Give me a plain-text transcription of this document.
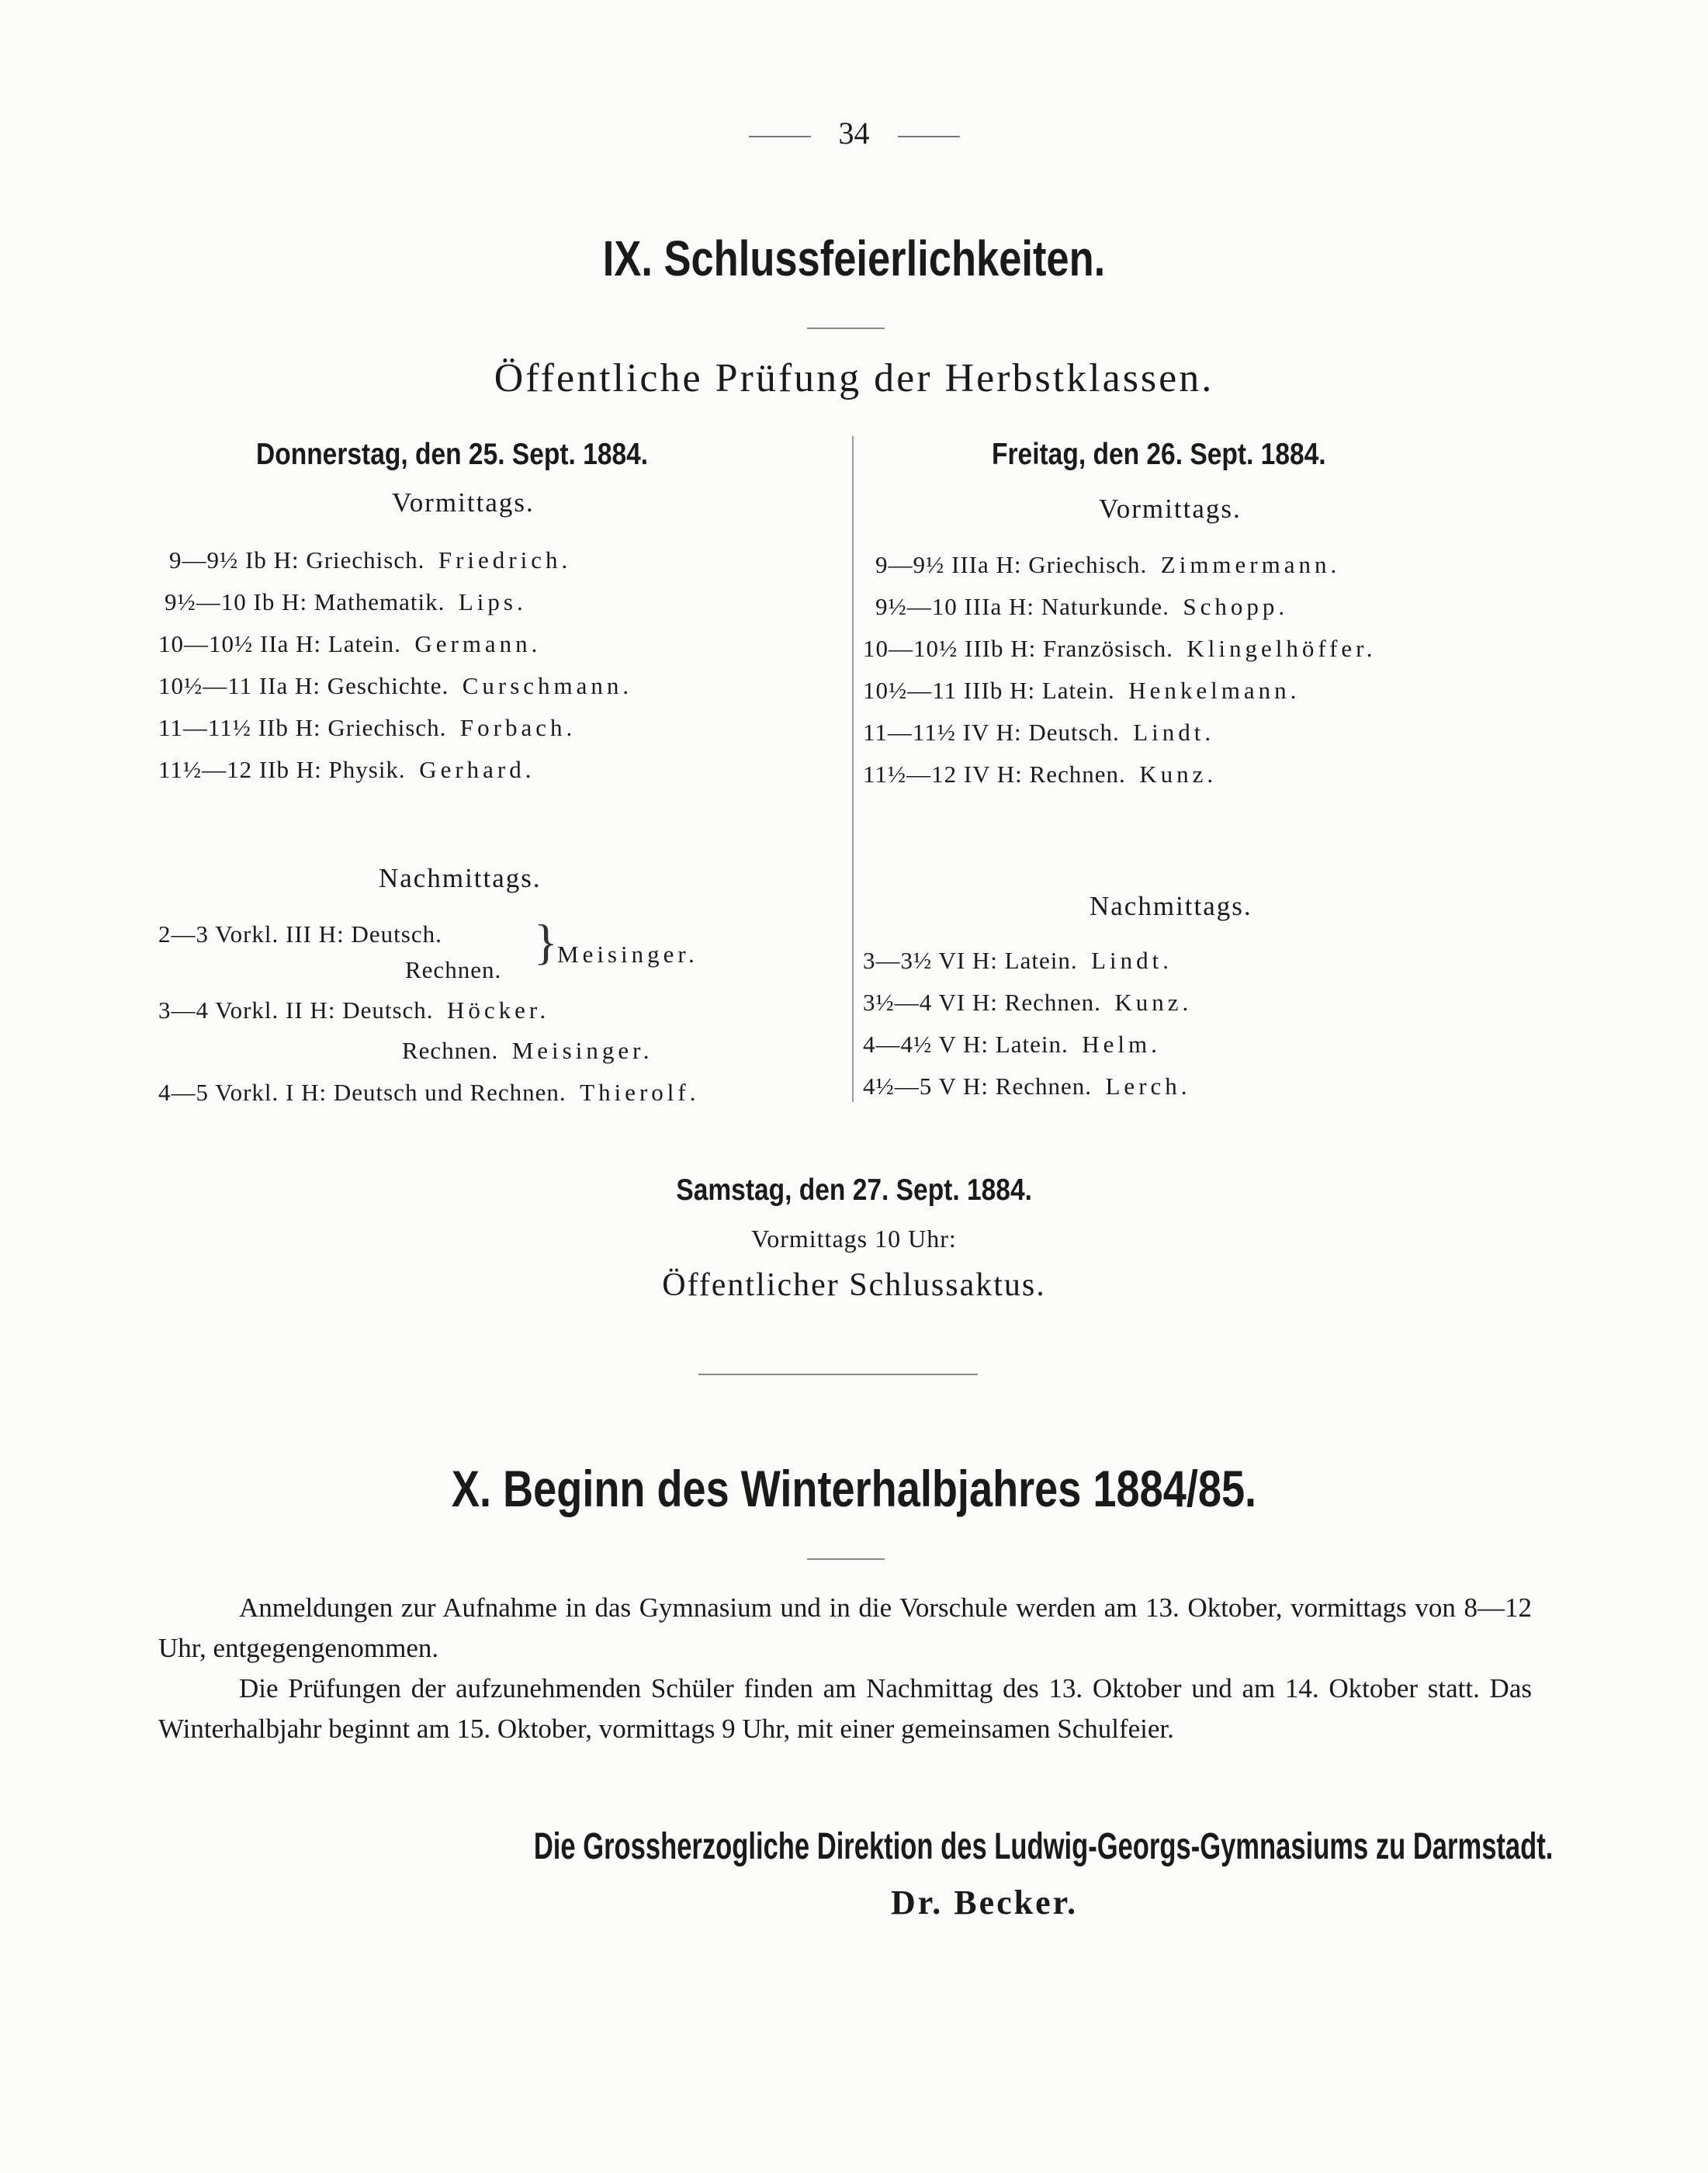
34
IX. Schlussfeierlichkeiten.
Öffentliche Prüfung der Herbstklassen.
Donnerstag, den 25. Sept. 1884.
Vormittags.
9—9½ Ib H: Griechisch. Friedrich.
9½—10 Ib H: Mathematik. Lips.
10—10½ IIa H: Latein. Germann.
10½—11 IIa H: Geschichte. Curschmann.
11—11½ IIb H: Griechisch. Forbach.
11½—12 IIb H: Physik. Gerhard.
Nachmittags.
2—3 Vorkl. III H: Deutsch.
Rechnen.
} Meisinger.
3—4 Vorkl. II H: Deutsch. Höcker.
Rechnen. Meisinger.
4—5 Vorkl. I H: Deutsch und Rechnen. Thierolf.
Freitag, den 26. Sept. 1884.
Vormittags.
9—9½ IIIa H: Griechisch. Zimmermann.
9½—10 IIIa H: Naturkunde. Schopp.
10—10½ IIIb H: Französisch. Klingelhöffer.
10½—11 IIIb H: Latein. Henkelmann.
11—11½ IV H: Deutsch. Lindt.
11½—12 IV H: Rechnen. Kunz.
Nachmittags.
3—3½ VI H: Latein. Lindt.
3½—4 VI H: Rechnen. Kunz.
4—4½ V H: Latein. Helm.
4½—5 V H: Rechnen. Lerch.
Samstag, den 27. Sept. 1884.
Vormittags 10 Uhr:
Öffentlicher Schlussaktus.
X. Beginn des Winterhalbjahres 1884/85.
Anmeldungen zur Aufnahme in das Gymnasium und in die Vorschule werden am 13. Oktober, vormittags von 8—12 Uhr, entgegengenommen.
Die Prüfungen der aufzunehmenden Schüler finden am Nachmittag des 13. Oktober und am 14. Oktober statt. Das Winterhalbjahr beginnt am 15. Oktober, vormittags 9 Uhr, mit einer gemeinsamen Schulfeier.
Die Grossherzogliche Direktion des Ludwig-Georgs-Gymnasiums zu Darmstadt.
Dr. Becker.
